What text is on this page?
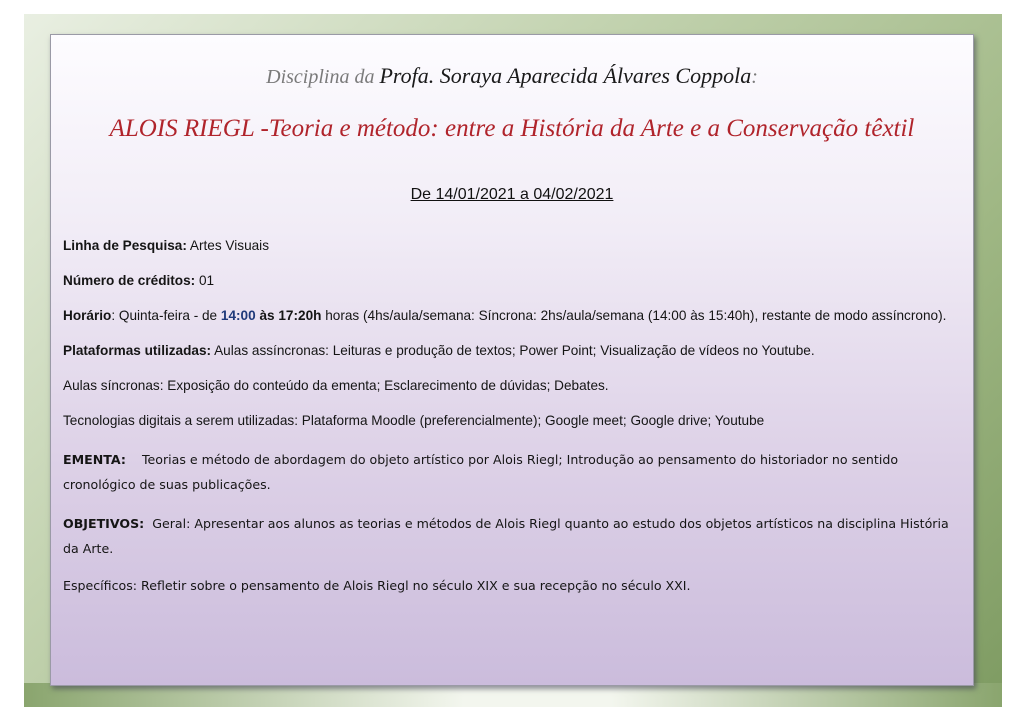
Disciplina da Profa. Soraya Aparecida Álvares Coppola:
ALOIS RIEGL -Teoria e método: entre a História da Arte e a Conservação têxtil
De 14/01/2021 a 04/02/2021

Linha de Pesquisa: Artes Visuais

Número de créditos: 01

Horário: Quinta-feira - de 14:00 às 17:20h horas (4hs/aula/semana: Síncrona: 2hs/aula/semana (14:00 às 15:40h), restante de modo assíncrono).

Plataformas utilizadas: Aulas assíncronas: Leituras e produção de textos; Power Point; Visualização de vídeos no Youtube.

Aulas síncronas: Exposição do conteúdo da ementa; Esclarecimento de dúvidas; Debates.

Tecnologias digitais a serem utilizadas: Plataforma Moodle (preferencialmente); Google meet; Google drive; Youtube

EMENTA: Teorias e método de abordagem do objeto artístico por Alois Riegl; Introdução ao pensamento do historiador no sentido cronológico de suas publicações.

OBJETIVOS: Geral: Apresentar aos alunos as teorias e métodos de Alois Riegl quanto ao estudo dos objetos artísticos na disciplina História da Arte.

Específicos: Refletir sobre o pensamento de Alois Riegl no século XIX e sua recepção no século XXI.
